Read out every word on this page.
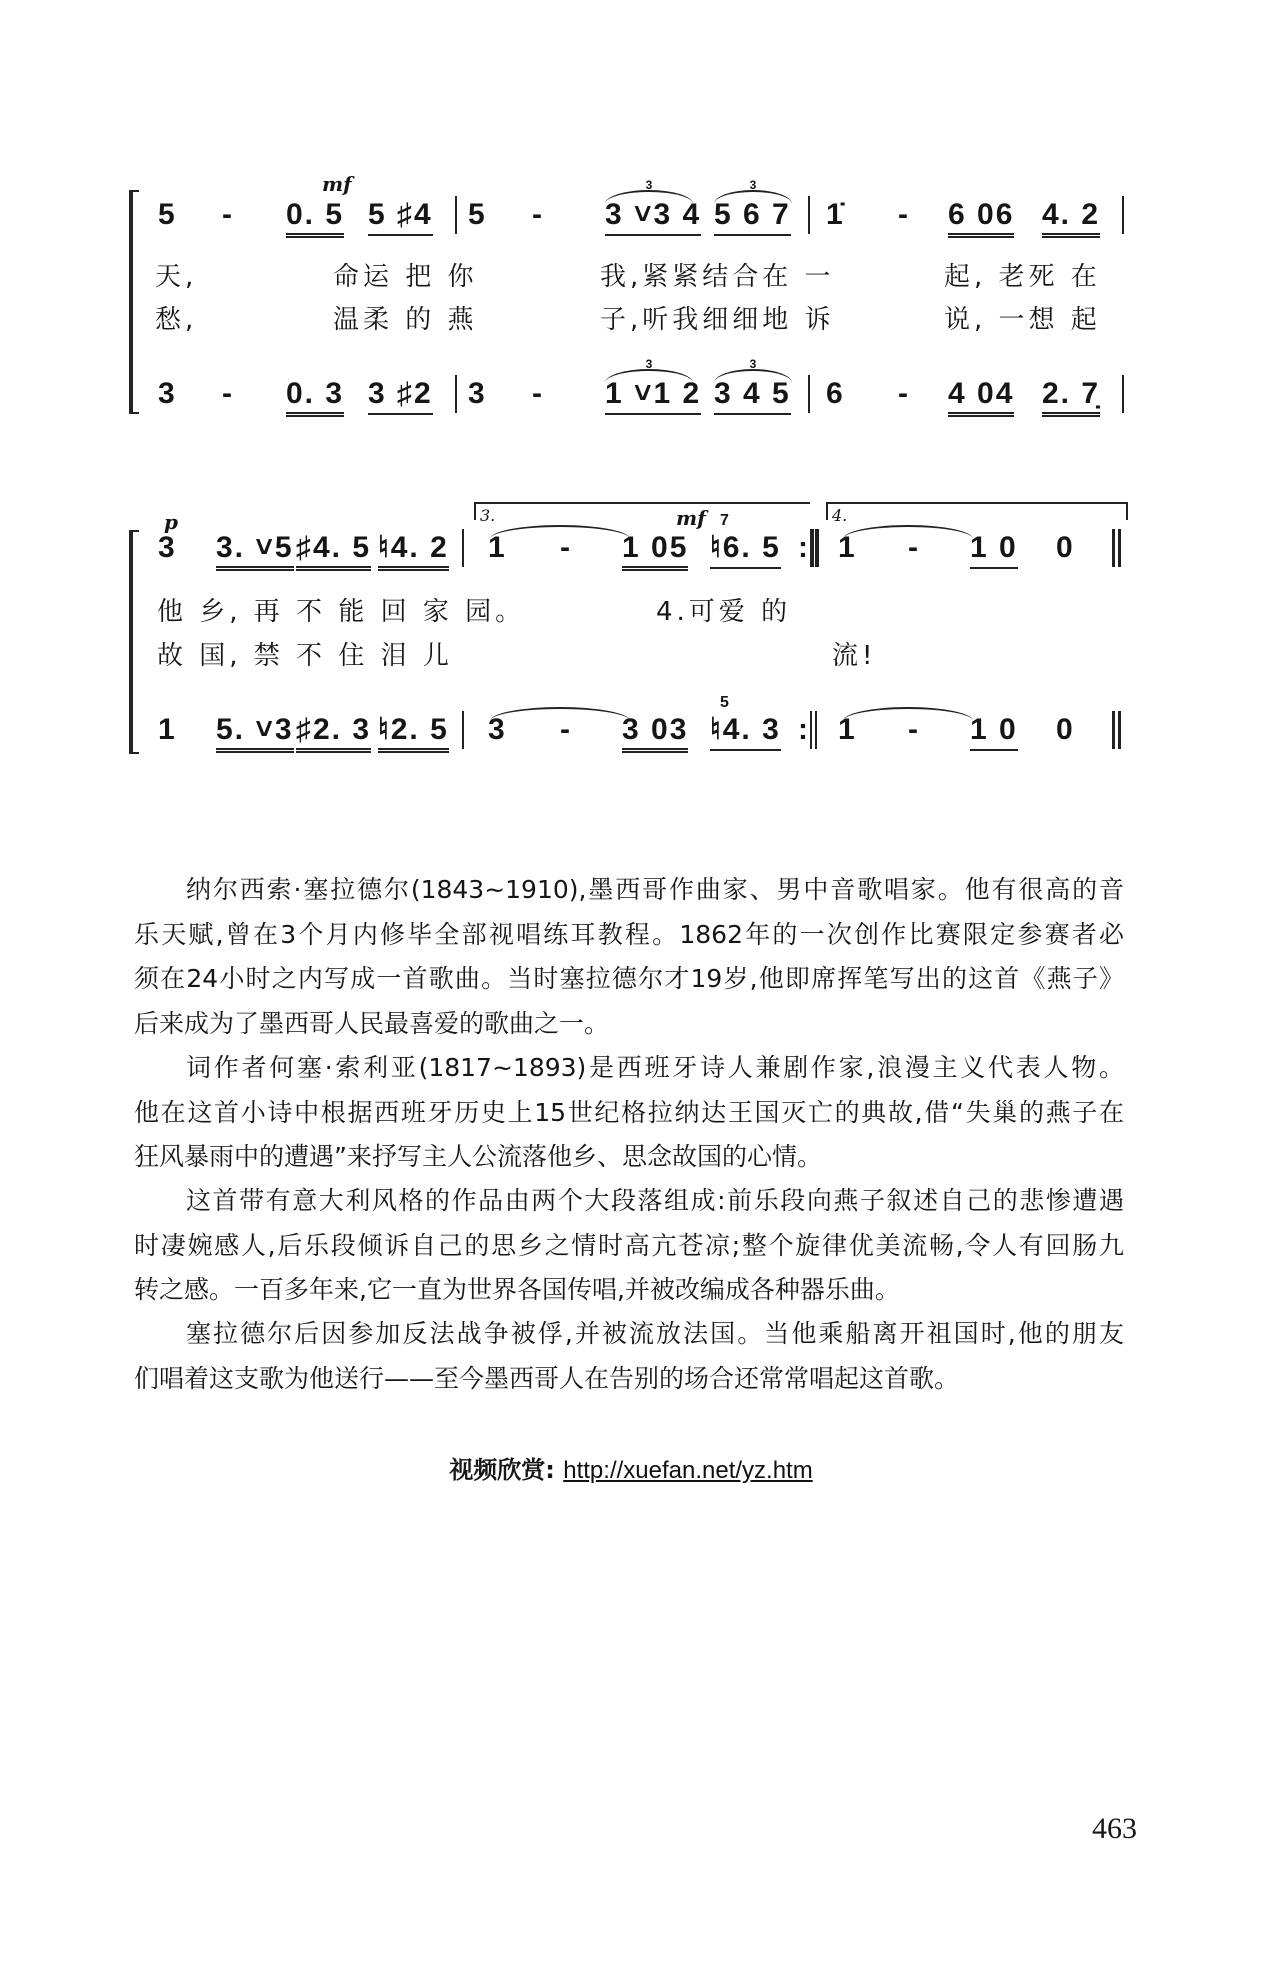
mf
5 - 0. 5 5 ♯4 5 -
3
3 ˅3 4
3
5 6 7 1̇ - 6 06 4. 2
天,	命运 把 你	我,紧紧结合在 一	起, 老死 在
愁,	温柔 的 燕	子,听我细细地 诉	说, 一想 起
3 - 0. 3 3 ♯2 3 -
3
1 ˅1 2
3
3 4 5 6 - 4 04 2. 7̣
p	mf
3.	4.
3 3. ˅5 ♯4. 5 ♮4. 2 1 - 1 05
7
♮6. 5 : 1 - 1 0 0
他 乡, 再 不 能 回 家 园。	4.可爱 的
故 国, 禁 不 住 泪 儿	流!
1 5. ˅3 ♯2. 3 ♮2. 5 3 - 3 03
5
♮4. 3 : 1 - 1 0 0
纳尔西索·塞拉德尔(1843~1910),墨西哥作曲家、男中音歌唱家。他有很高的音
乐天赋,曾在3个月内修毕全部视唱练耳教程。1862年的一次创作比赛限定参赛者必
须在24小时之内写成一首歌曲。当时塞拉德尔才19岁,他即席挥笔写出的这首《燕子》
后来成为了墨西哥人民最喜爱的歌曲之一。
词作者何塞·索利亚(1817~1893)是西班牙诗人兼剧作家,浪漫主义代表人物。
他在这首小诗中根据西班牙历史上15世纪格拉纳达王国灭亡的典故,借“失巢的燕子在
狂风暴雨中的遭遇”来抒写主人公流落他乡、思念故国的心情。
这首带有意大利风格的作品由两个大段落组成:前乐段向燕子叙述自己的悲惨遭遇
时凄婉感人,后乐段倾诉自己的思乡之情时高亢苍凉;整个旋律优美流畅,令人有回肠九
转之感。一百多年来,它一直为世界各国传唱,并被改编成各种器乐曲。
塞拉德尔后因参加反法战争被俘,并被流放法国。当他乘船离开祖国时,他的朋友
们唱着这支歌为他送行——至今墨西哥人在告别的场合还常常唱起这首歌。
视频欣赏: http://xuefan.net/yz.htm
463
